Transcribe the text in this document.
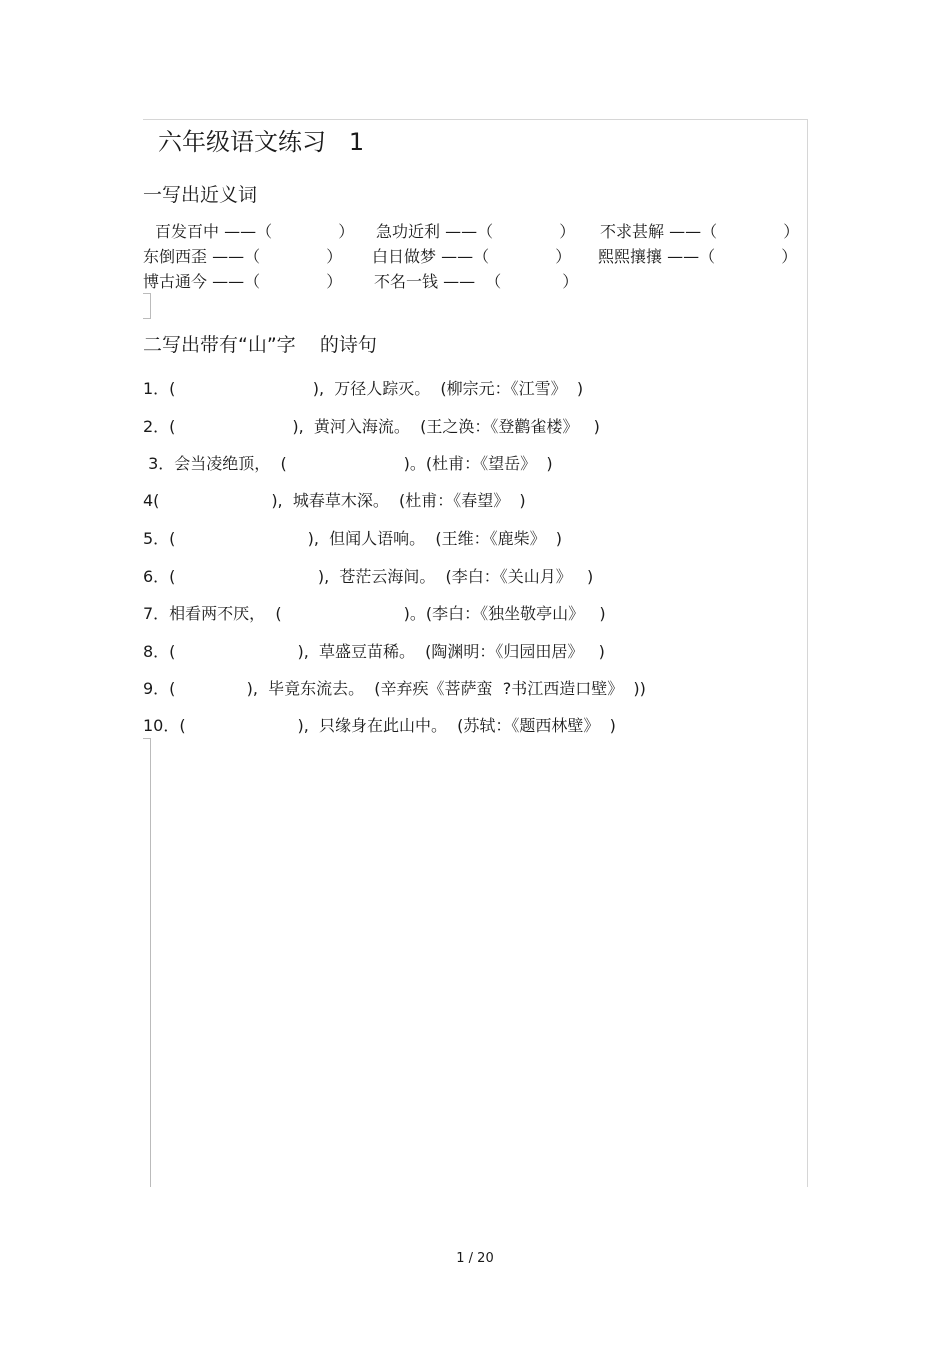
六年级语文练习   1
一写出近义词
百发百中 ——（             ） 急功近利 ——（             ） 不求甚解 ——（             ）
东倒西歪 ——（             ） 白日做梦 ——（             ） 熙熙攘攘 ——（             ）
博古通今 ——（             ） 不名一钱 ——  （            ）
二写出带有“山”字    的诗句
1．(                           ),  万径人踪灭。  (柳宗元：《江雪》  )
2．(                       ),  黄河入海流。  (王之涣：《登鹳雀楼》   )
3．会当凌绝顶，  (                       )。(杜甫：《望岳》  )
4(                      ),  城春草木深。  (杜甫：《春望》  )
5．(                          ),  但闻人语响。  (王维：《鹿柴》  )
6．(                            ),  苍茫云海间。  (李白：《关山月》   )
7．相看两不厌，  (                        )。(李白：《独坐敬亭山》   )
8．(                        ),  草盛豆苗稀。  (陶渊明：《归园田居》   )
9．(              ),  毕竟东流去。  (辛弃疾《菩萨蛮  ?书江西造口壁》  ))
10．(                      ),  只缘身在此山中。  (苏轼：《题西林壁》  )
1 / 20
